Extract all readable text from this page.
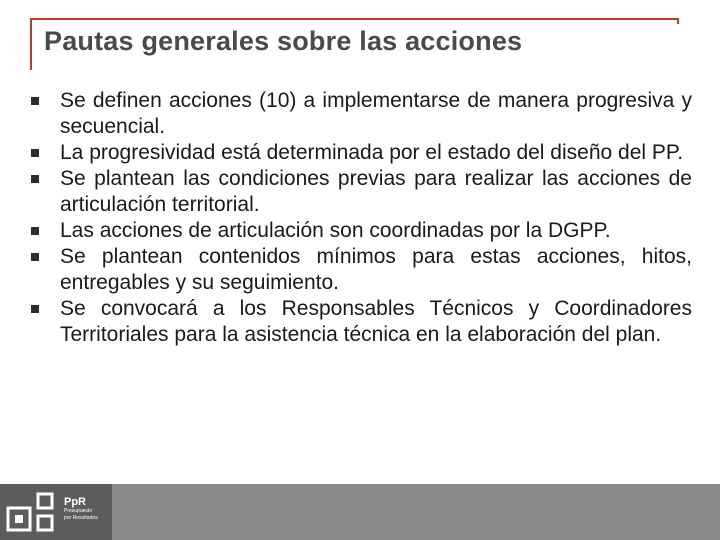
Pautas generales sobre las acciones
Se definen acciones (10) a implementarse de manera progresiva y secuencial.
La progresividad está determinada por el estado del diseño del PP.
Se plantean las condiciones previas para realizar las acciones de articulación territorial.
Las acciones de articulación son coordinadas por la DGPP.
Se plantean contenidos mínimos para estas acciones, hitos, entregables y su seguimiento.
Se convocará a los Responsables Técnicos y Coordinadores Territoriales para la asistencia técnica en la elaboración del plan.
PpR
Presupuesto
por Resultados
